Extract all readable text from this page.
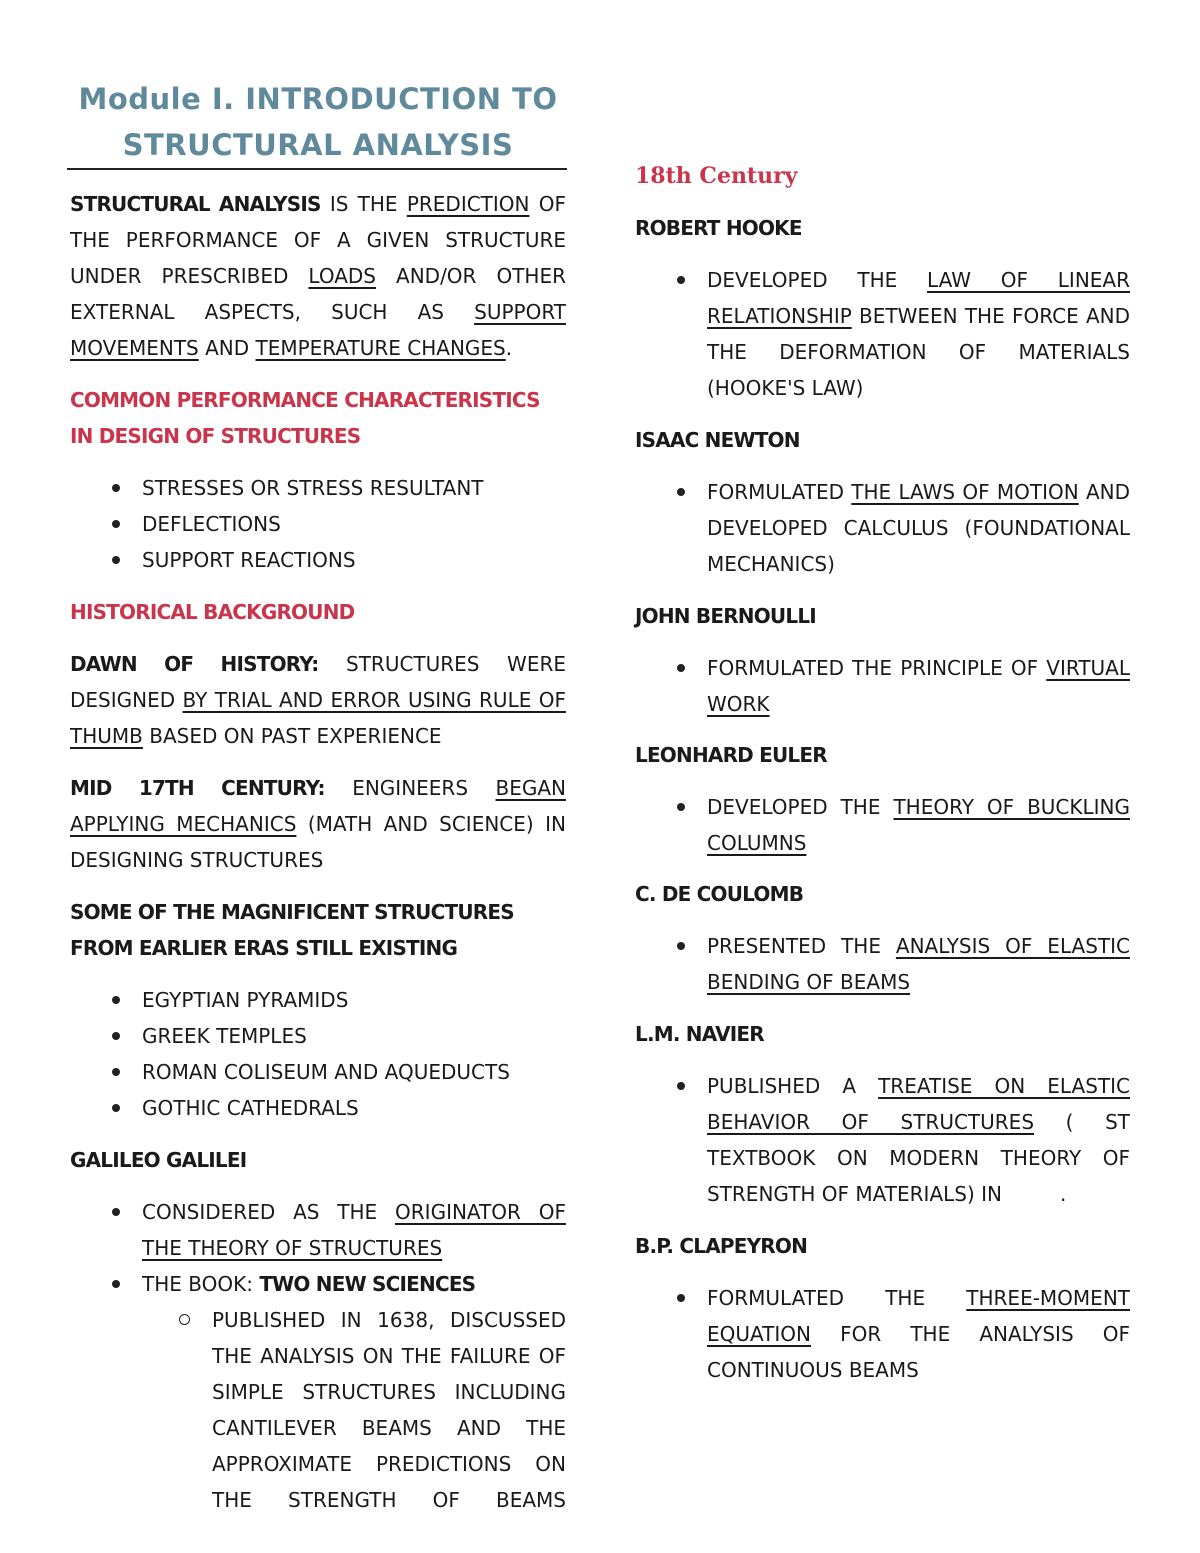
Module I. INTRODUCTION TO
STRUCTURAL ANALYSIS
STRUCTURAL ANALYSIS IS THE PREDICTION OF THE PERFORMANCE OF A GIVEN STRUCTURE UNDER PRESCRIBED LOADS AND/OR OTHER EXTERNAL ASPECTS, SUCH AS SUPPORT MOVEMENTS AND TEMPERATURE CHANGES.
COMMON PERFORMANCE CHARACTERISTICS IN DESIGN OF STRUCTURES
STRESSES OR STRESS RESULTANT
DEFLECTIONS
SUPPORT REACTIONS
HISTORICAL BACKGROUND
DAWN OF HISTORY: STRUCTURES WERE DESIGNED BY TRIAL AND ERROR USING RULE OF THUMB BASED ON PAST EXPERIENCE
MID 17TH CENTURY: ENGINEERS BEGAN APPLYING MECHANICS (MATH AND SCIENCE) IN DESIGNING STRUCTURES
SOME OF THE MAGNIFICENT STRUCTURES FROM EARLIER ERAS STILL EXISTING
EGYPTIAN PYRAMIDS
GREEK TEMPLES
ROMAN COLISEUM AND AQUEDUCTS
GOTHIC CATHEDRALS
GALILEO GALILEI
CONSIDERED AS THE ORIGINATOR OF THE THEORY OF STRUCTURES
THE BOOK: TWO NEW SCIENCES
PUBLISHED IN 1638, DISCUSSED THE ANALYSIS ON THE FAILURE OF SIMPLE STRUCTURES INCLUDING CANTILEVER BEAMS AND THE APPROXIMATE PREDICTIONS ON THE STRENGTH OF BEAMS
18th Century
ROBERT HOOKE
DEVELOPED THE LAW OF LINEAR RELATIONSHIP BETWEEN THE FORCE AND THE DEFORMATION OF MATERIALS (HOOKE'S LAW)
ISAAC NEWTON
FORMULATED THE LAWS OF MOTION AND DEVELOPED CALCULUS (FOUNDATIONAL MECHANICS)
JOHN BERNOULLI
FORMULATED THE PRINCIPLE OF VIRTUAL WORK
LEONHARD EULER
DEVELOPED THE THEORY OF BUCKLING COLUMNS
C. DE COULOMB
PRESENTED THE ANALYSIS OF ELASTIC BENDING OF BEAMS
L.M. NAVIER
PUBLISHED A TREATISE ON ELASTIC BEHAVIOR OF STRUCTURES ( ST TEXTBOOK ON MODERN THEORY OF STRENGTH OF MATERIALS) IN	.
B.P. CLAPEYRON
FORMULATED THE THREE-MOMENT EQUATION FOR THE ANALYSIS OF CONTINUOUS BEAMS
